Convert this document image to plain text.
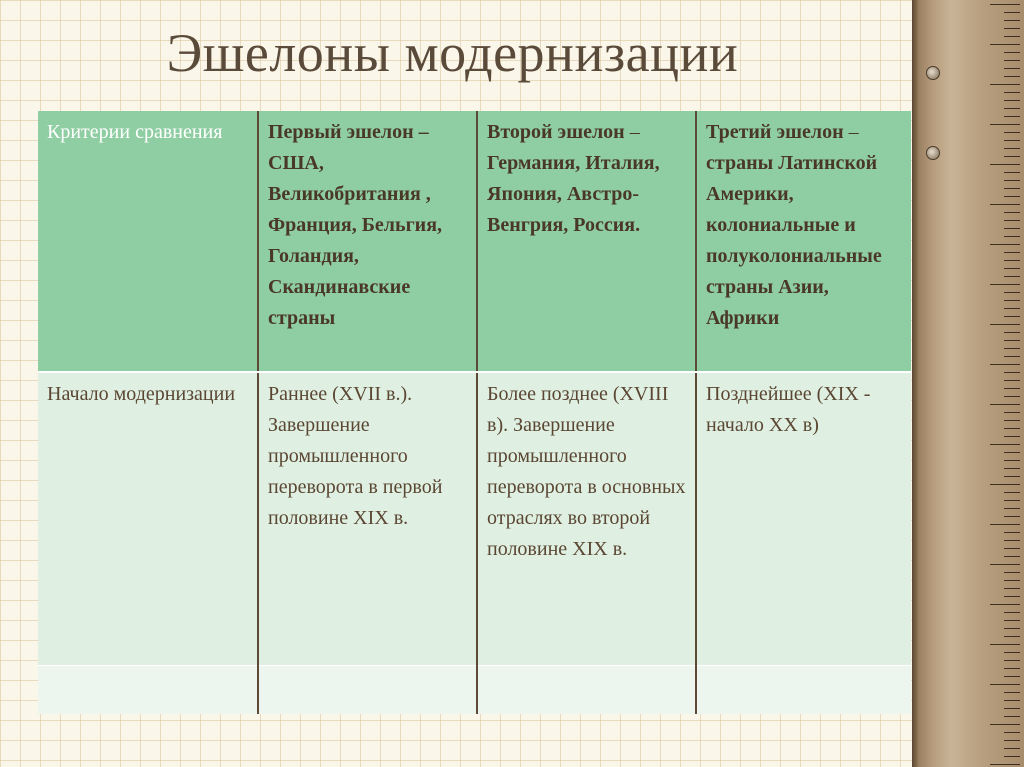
Эшелоны модернизации
Критерии сравнения	Первый эшелон – США, Великобритания , Франция, Бельгия, Голандия, Скандинавские страны	Второй эшелон – Германия, Италия, Япония, Австро-Венгрия, Россия.	Третий эшелон – страны Латинской Америки, колониальные и полуколониальные страны Азии, Африки
Начало модернизации	Раннее (XVII в.). Завершение промышленного переворота в первой половине XIX в.	Более позднее (XVIII в). Завершение промышленного переворота в основных отраслях во второй половине XIX в.	Позднейшее (XIX - начало XX в)
